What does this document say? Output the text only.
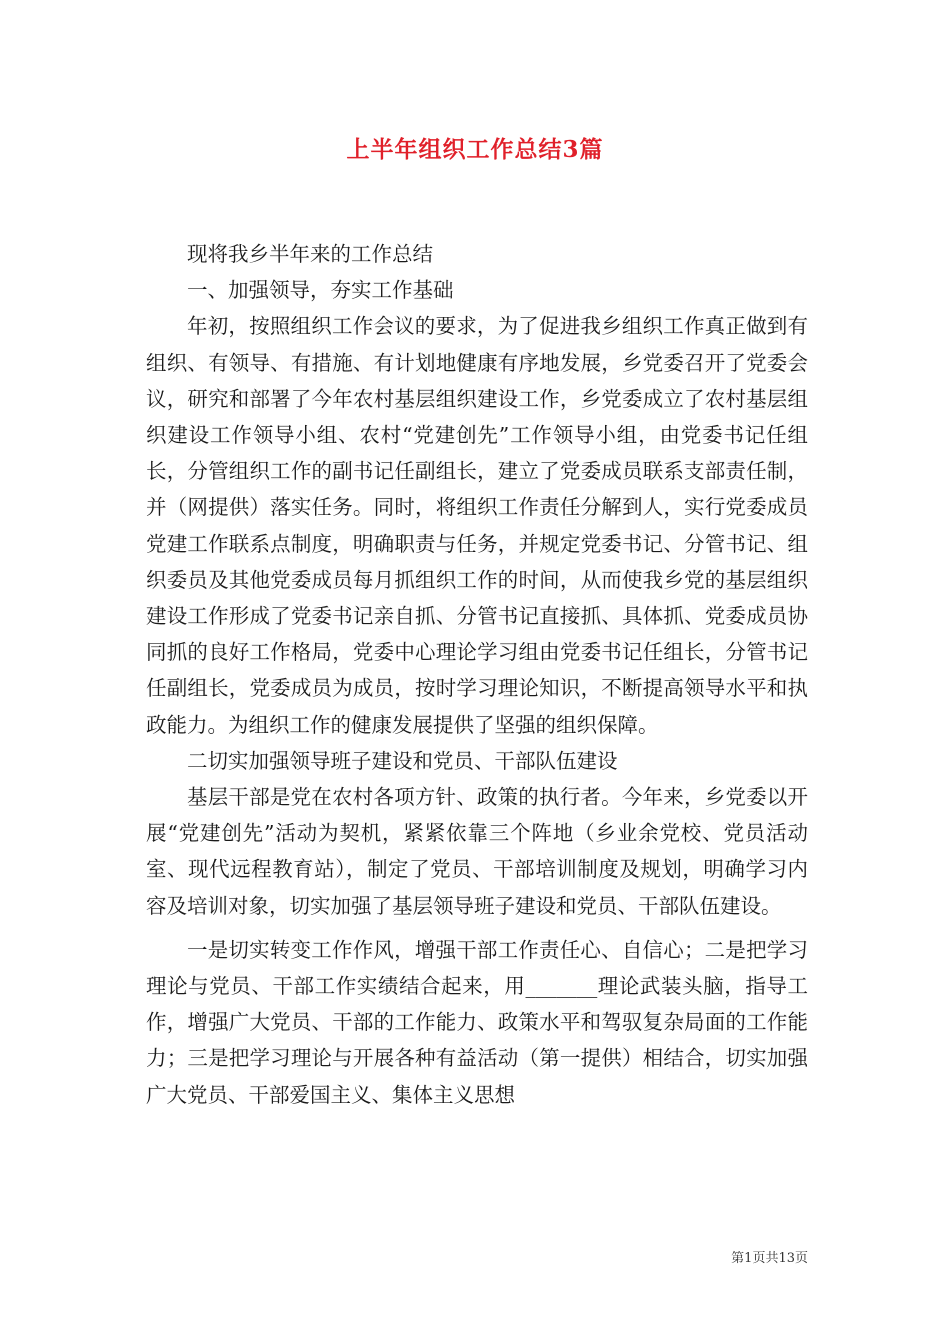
上半年组织工作总结3篇

现将我乡半年来的工作总结

一、加强领导，夯实工作基础

年初，按照组织工作会议的要求，为了促进我乡组织工作真正做到有组织、有领导、有措施、有计划地健康有序地发展，乡党委召开了党委会议，研究和部署了今年农村基层组织建设工作，乡党委成立了农村基层组织建设工作领导小组、农村“党建创先”工作领导小组，由党委书记任组长，分管组织工作的副书记任副组长，建立了党委成员联系支部责任制，并（网提供）落实任务。同时，将组织工作责任分解到人，实行党委成员党建工作联系点制度，明确职责与任务，并规定党委书记、分管书记、组织委员及其他党委成员每月抓组织工作的时间，从而使我乡党的基层组织建设工作形成了党委书记亲自抓、分管书记直接抓、具体抓、党委成员协同抓的良好工作格局，党委中心理论学习组由党委书记任组长，分管书记任副组长，党委成员为成员，按时学习理论知识，不断提高领导水平和执政能力。为组织工作的健康发展提供了坚强的组织保障。

二切实加强领导班子建设和党员、干部队伍建设

基层干部是党在农村各项方针、政策的执行者。今年来，乡党委以开展“党建创先”活动为契机，紧紧依靠三个阵地（乡业余党校、党员活动室、现代远程教育站），制定了党员、干部培训制度及规划，明确学习内容及培训对象，切实加强了基层领导班子建设和党员、干部队伍建设。

一是切实转变工作作风，增强干部工作责任心、自信心；二是把学习理论与党员、干部工作实绩结合起来，用_______理论武装头脑，指导工作，增强广大党员、干部的工作能力、政策水平和驾驭复杂局面的工作能力；三是把学习理论与开展各种有益活动（第一提供）相结合，切实加强广大党员、干部爱国主义、集体主义思想

第1页共13页
